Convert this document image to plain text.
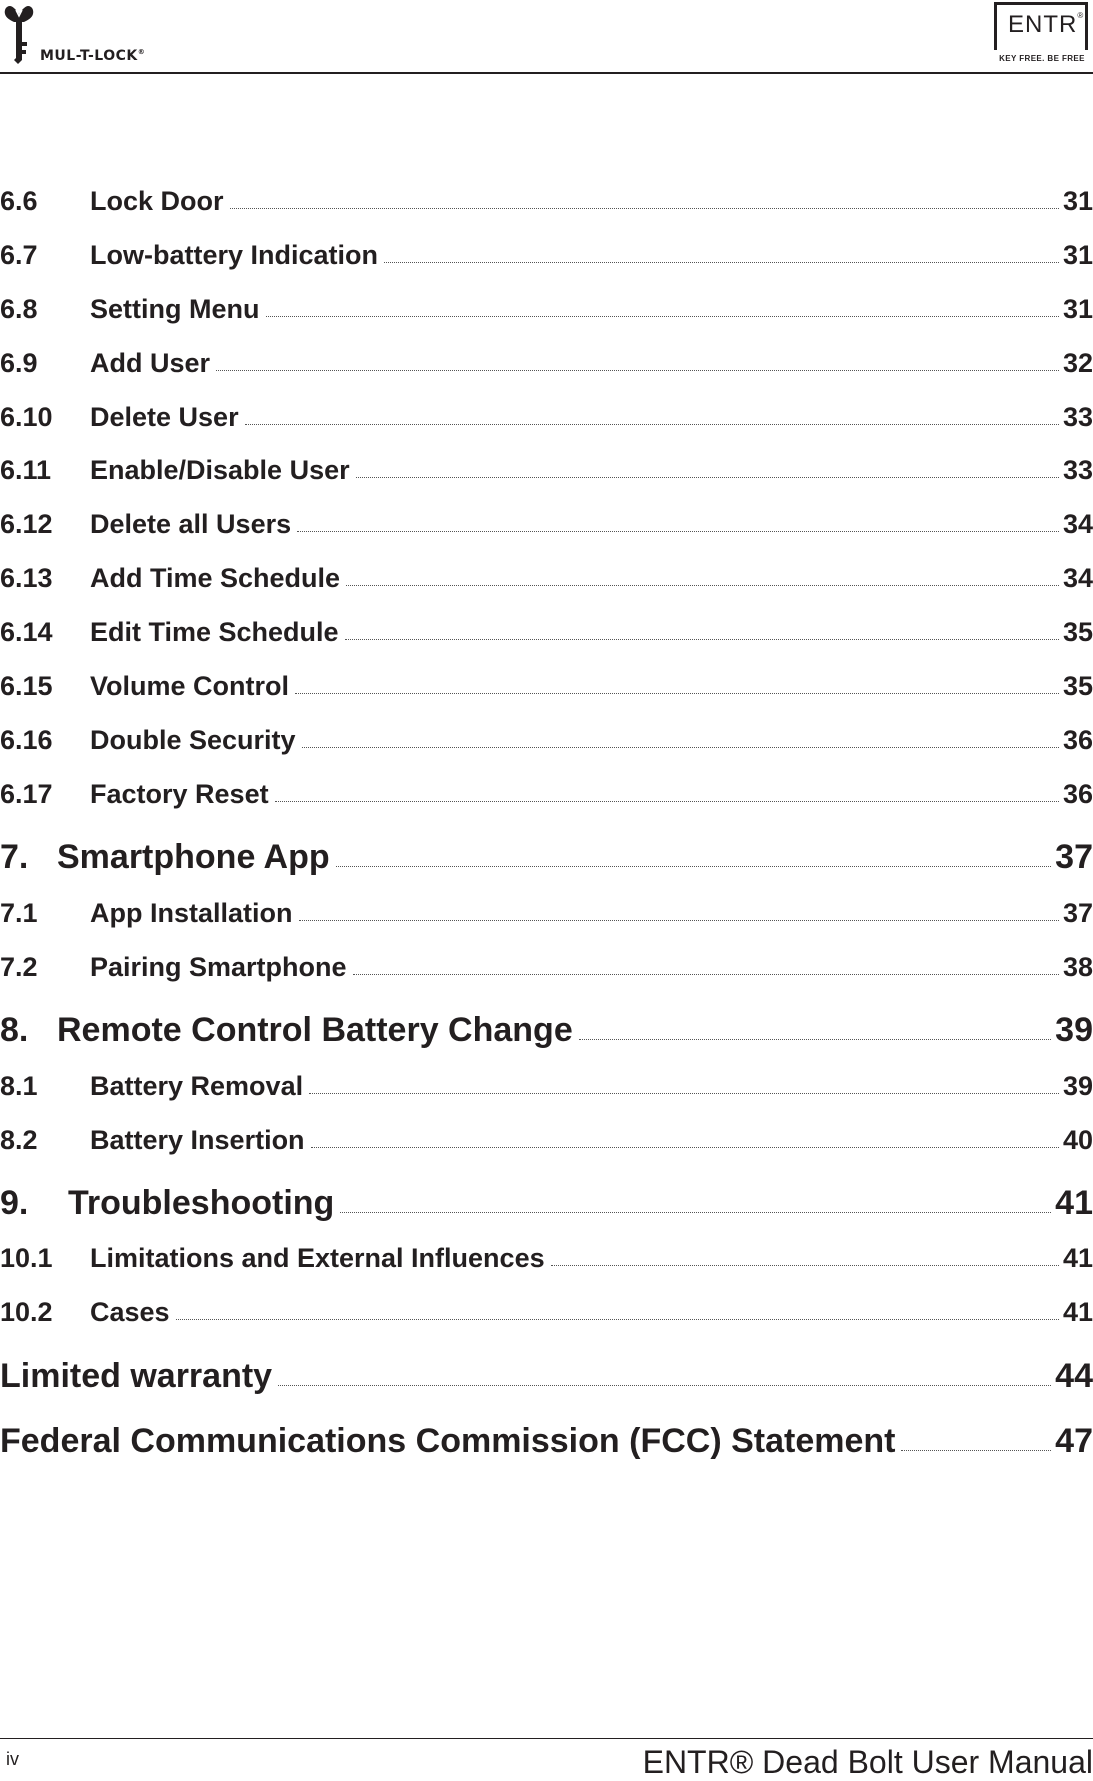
MUL-T-LOCK®
ENTR®
KEY FREE. BE FREE
6.6	Lock Door	31
6.7	Low-battery Indication	31
6.8	Setting Menu	31
6.9	Add User	32
6.10	Delete User	33
6.11	Enable/Disable User	33
6.12	Delete all Users	34
6.13	Add Time Schedule	34
6.14	Edit Time Schedule	35
6.15	Volume Control	35
6.16	Double Security	36
6.17	Factory Reset	36
7. Smartphone App	37
7.1	App Installation	37
7.2	Pairing Smartphone	38
8. Remote Control Battery Change	39
8.1	Battery Removal	39
8.2	Battery Insertion	40
9.	Troubleshooting	41
10.1	Limitations and External Influences	41
10.2	Cases	41
Limited warranty	44
Federal Communications Commission (FCC) Statement	47
iv	ENTR® Dead Bolt User Manual
